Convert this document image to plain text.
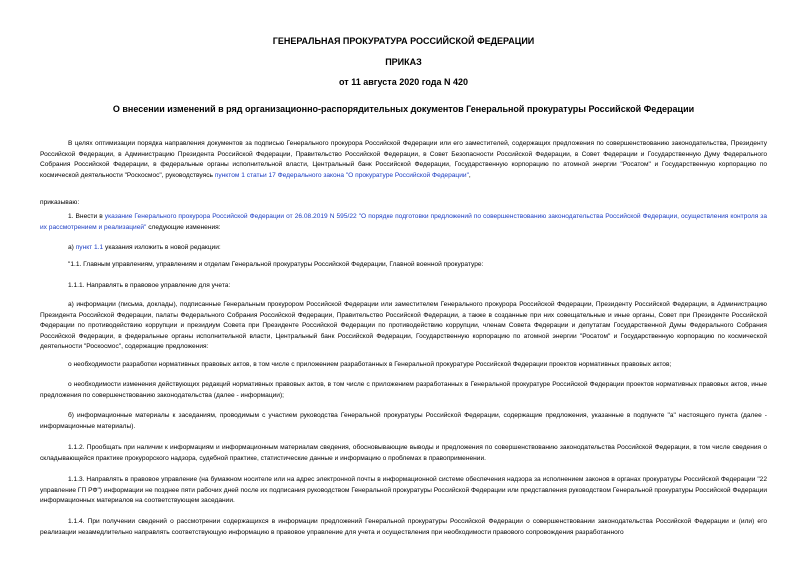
ГЕНЕРАЛЬНАЯ ПРОКУРАТУРА РОССИЙСКОЙ ФЕДЕРАЦИИ
ПРИКАЗ
от 11 августа 2020 года N 420
О внесении изменений в ряд организационно-распорядительных документов Генеральной прокуратуры Российской Федерации
В целях оптимизации порядка направления документов за подписью Генерального прокурора Российской Федерации или его заместителей, содержащих предложения по совершенствованию законодательства, Президенту Российской Федерации, в Администрацию Президента Российской Федерации, Правительство Российской Федерации, в Совет Безопасности Российской Федерации, в Совет Федерации и Государственную Думу Федерального Собрания Российской Федерации, в федеральные органы исполнительной власти, Центральный банк Российской Федерации, Государственную корпорацию по атомной энергии "Росатом" и Государственную корпорацию по космической деятельности "Роскосмос", руководствуясь пунктом 1 статьи 17 Федерального закона "О прокуратуре Российской Федерации",
приказываю:
1. Внести в указание Генерального прокурора Российской Федерации от 26.08.2019 N 595/22 "О порядке подготовки предложений по совершенствованию законодательства Российской Федерации, осуществления контроля за их рассмотрением и реализацией" следующие изменения:
а) пункт 1.1 указания изложить в новой редакции:
"1.1. Главным управлениям, управлениям и отделам Генеральной прокуратуры Российской Федерации, Главной военной прокуратуре:
1.1.1. Направлять в правовое управление для учета:
а) информации (письма, доклады), подписанные Генеральным прокурором Российской Федерации или заместителем Генерального прокурора Российской Федерации, Президенту Российской Федерации, в Администрацию Президента Российской Федерации, палаты Федерального Собрания Российской Федерации, Правительство Российской Федерации, а также в созданные при них совещательные и иные органы, Совет при Президенте Российской Федерации по противодействию коррупции и президиум Совета при Президенте Российской Федерации по противодействию коррупции, членам Совета Федерации и депутатам Государственной Думы Федерального Собрания Российской Федерации, в федеральные органы исполнительной власти, Центральный банк Российской Федерации, Государственную корпорацию по атомной энергии "Росатом" и Государственную корпорацию по космической деятельности "Роскосмос", содержащие предложения:
о необходимости разработки нормативных правовых актов, в том числе с приложением разработанных в Генеральной прокуратуре Российской Федерации проектов нормативных правовых актов;
о необходимости изменения действующих редакций нормативных правовых актов, в том числе с приложением разработанных в Генеральной прокуратуре Российской Федерации проектов нормативных правовых актов, иные предложения по совершенствованию законодательства (далее - информации);
б) информационные материалы к заседаниям, проводимым с участием руководства Генеральной прокуратуры Российской Федерации, содержащие предложения, указанные в подпункте "а" настоящего пункта (далее - информационные материалы).
1.1.2. Прообщать при наличии к информациям и информационным материалам сведения, обосновывающие выводы и предложения по совершенствованию законодательства Российской Федерации, в том числе сведения о складывающейся практике прокурорского надзора, судебной практике, статистические данные и информацию о проблемах в правоприменении.
1.1.3. Направлять в правовое управление (на бумажном носителе или на адрес электронной почты в информационной системе обеспечения надзора за исполнением законов в органах прокуратуры Российской Федерации "22 управление ГП РФ") информации не позднее пяти рабочих дней после их подписания руководством Генеральной прокуратуры Российской Федерации или представления руководством Генеральной прокуратуры Российской Федерации информационных материалов на соответствующем заседании.
1.1.4. При получении сведений о рассмотрении содержащихся в информации предложений Генеральной прокуратуры Российской Федерации о совершенствовании законодательства Российской Федерации и (или) его реализации незамедлительно направлять соответствующую информацию в правовое управление для учета и осуществления при необходимости правового сопровождения разработанного
